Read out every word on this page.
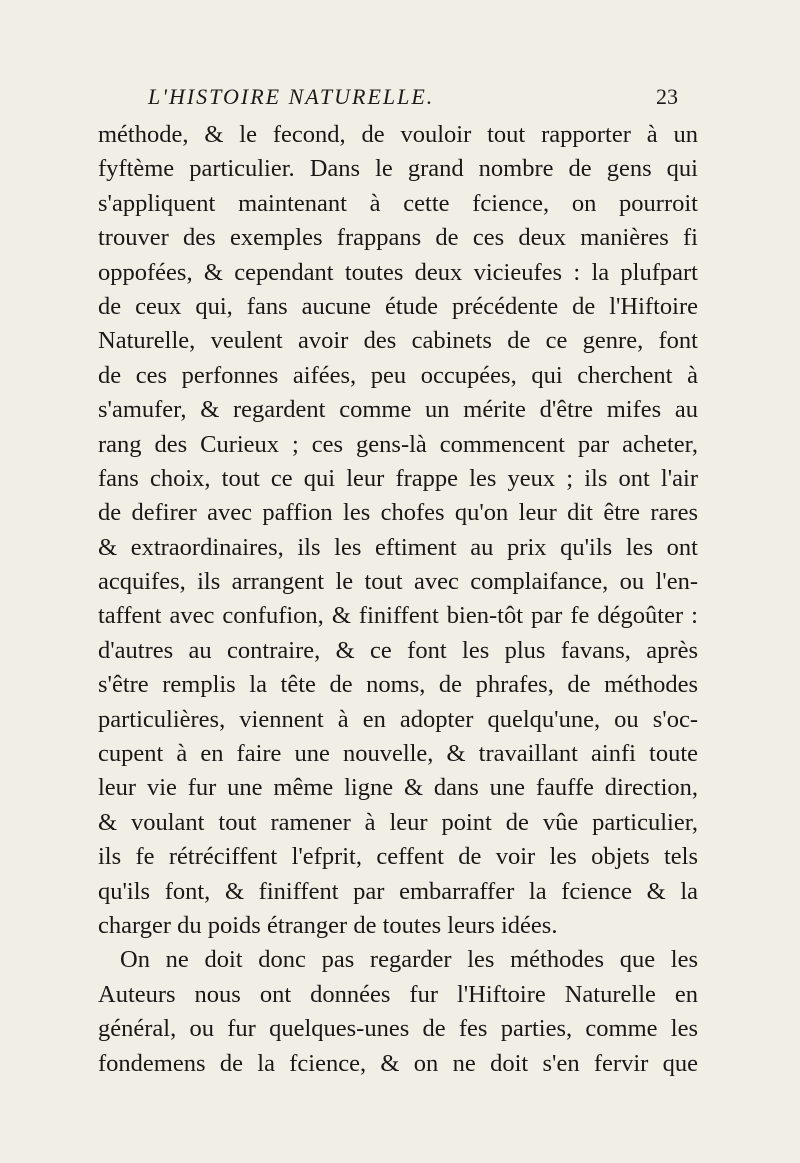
L'HISTOIRE NATURELLE.	23
méthode, & le fecond, de vouloir tout rapporter à un
fyftème particulier. Dans le grand nombre de gens qui
s'appliquent maintenant à cette fcience, on pourroit
trouver des exemples frappans de ces deux manières fi
oppofées, & cependant toutes deux vicieufes : la plufpart
de ceux qui, fans aucune étude précédente de l'Hiftoire
Naturelle, veulent avoir des cabinets de ce genre, font
de ces perfonnes aifées, peu occupées, qui cherchent à
s'amufer, & regardent comme un mérite d'être mifes au
rang des Curieux ; ces gens-là commencent par acheter,
fans choix, tout ce qui leur frappe les yeux ; ils ont l'air
de defirer avec paffion les chofes qu'on leur dit être rares
& extraordinaires, ils les eftiment au prix qu'ils les ont
acquifes, ils arrangent le tout avec complaifance, ou l'en-
taffent avec confufion, & finiffent bien-tôt par fe dégoûter :
d'autres au contraire, & ce font les plus favans, après
s'être remplis la tête de noms, de phrafes, de méthodes
particulières, viennent à en adopter quelqu'une, ou s'oc-
cupent à en faire une nouvelle, & travaillant ainfi toute
leur vie fur une même ligne & dans une fauffe direction,
& voulant tout ramener à leur point de vûe particulier,
ils fe rétréciffent l'efprit, ceffent de voir les objets tels
qu'ils font, & finiffent par embarraffer la fcience & la
charger du poids étranger de toutes leurs idées.
On ne doit donc pas regarder les méthodes que les
Auteurs nous ont données fur l'Hiftoire Naturelle en
général, ou fur quelques-unes de fes parties, comme les
fondemens de la fcience, & on ne doit s'en fervir que
